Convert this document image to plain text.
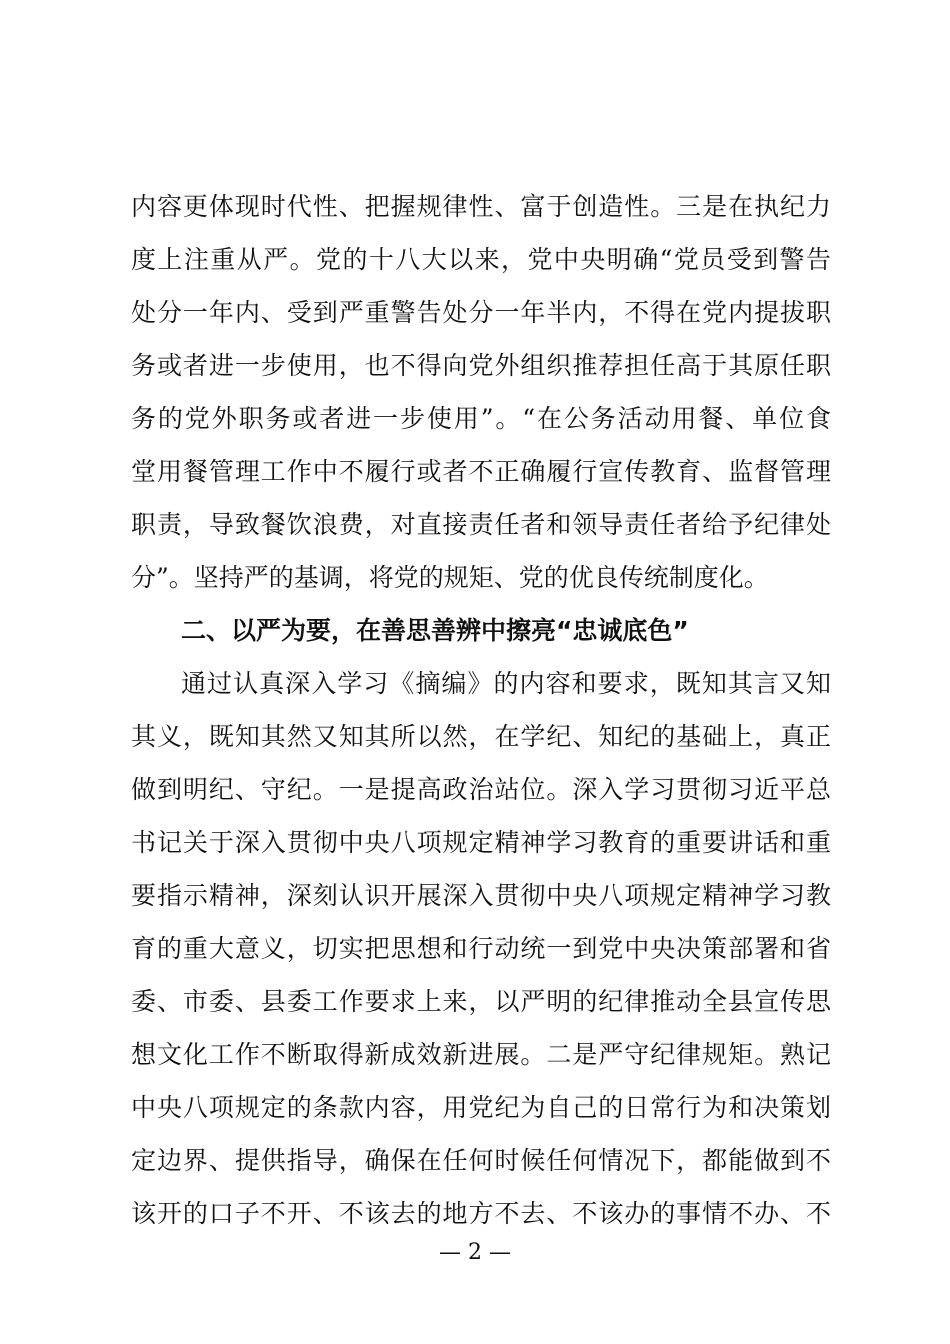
内容更体现时代性、把握规律性、富于创造性。三是在执纪力
度上注重从严。党的十八大以来，党中央明确“党员受到警告
处分一年内、受到严重警告处分一年半内，不得在党内提拔职
务或者进一步使用，也不得向党外组织推荐担任高于其原任职
务的党外职务或者进一步使用”。“在公务活动用餐、单位食
堂用餐管理工作中不履行或者不正确履行宣传教育、监督管理
职责，导致餐饮浪费，对直接责任者和领导责任者给予纪律处
分”。坚持严的基调，将党的规矩、党的优良传统制度化。
二、以严为要，在善思善辨中擦亮“忠诚底色”
通过认真深入学习《摘编》的内容和要求，既知其言又知
其义，既知其然又知其所以然，在学纪、知纪的基础上，真正
做到明纪、守纪。一是提高政治站位。深入学习贯彻习近平总
书记关于深入贯彻中央八项规定精神学习教育的重要讲话和重
要指示精神，深刻认识开展深入贯彻中央八项规定精神学习教
育的重大意义，切实把思想和行动统一到党中央决策部署和省
委、市委、县委工作要求上来，以严明的纪律推动全县宣传思
想文化工作不断取得新成效新进展。二是严守纪律规矩。熟记
中央八项规定的条款内容，用党纪为自己的日常行为和决策划
定边界、提供指导，确保在任何时候任何情况下，都能做到不
该开的口子不开、不该去的地方不去、不该办的事情不办、不
— 2 —
